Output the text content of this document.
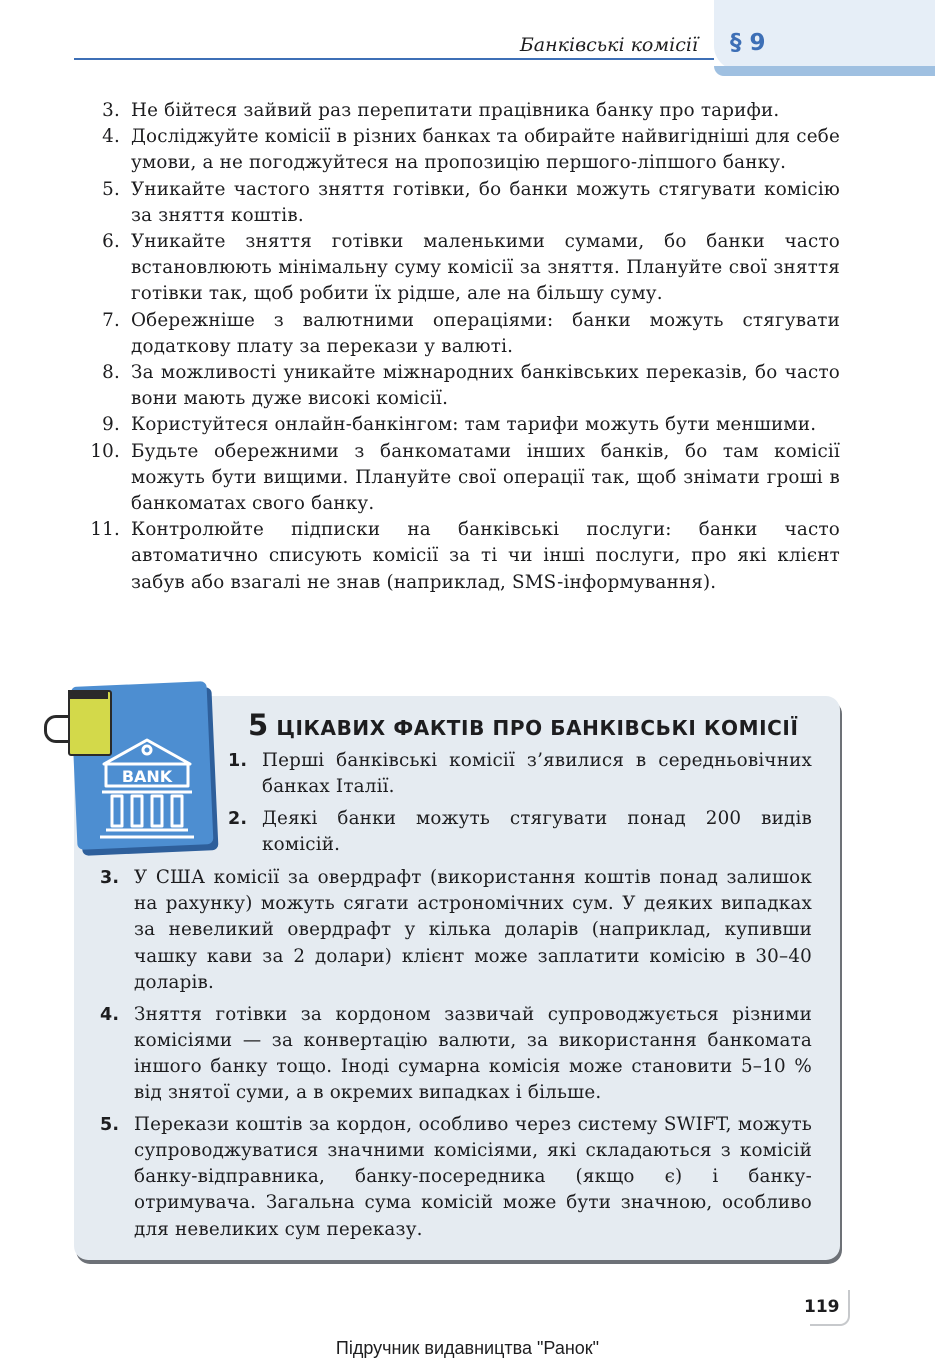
Банківські комісії § 9
3. Не бійтеся зайвий раз перепитати працівника банку про тарифи.
4. Досліджуйте комісії в різних банках та обирайте найвигідніші для себе умови, а не погоджуйтеся на пропозицію першого-ліпшого банку.
5. Уникайте частого зняття готівки, бо банки можуть стягувати комісію за зняття коштів.
6. Уникайте зняття готівки маленькими сумами, бо банки часто встановлюють мінімальну суму комісії за зняття. Плануйте свої зняття готівки так, щоб робити їх рідше, але на більшу суму.
7. Обережніше з валютними операціями: банки можуть стягувати додаткову плату за перекази у валюті.
8. За можливості уникайте міжнародних банківських переказів, бо часто вони мають дуже високі комісії.
9. Користуйтеся онлайн-банкінгом: там тарифи можуть бути меншими.
10. Будьте обережними з банкоматами інших банків, бо там комісії можуть бути вищими. Плануйте свої операції так, щоб знімати гроші в банкоматах свого банку.
11. Контролюйте підписки на банківські послуги: банки часто автоматично списують комісії за ті чи інші послуги, про які клієнт забув або взагалі не знав (наприклад, SMS-інформування).
BANK
5 ЦІКАВИХ ФАКТІВ ПРО БАНКІВСЬКІ КОМІСІЇ
1. Перші банківські комісії з’явилися в середньовічних банках Італії.
2. Деякі банки можуть стягувати понад 200 видів комісій.
3. У США комісії за овердрафт (використання коштів понад залишок на рахунку) можуть сягати астрономічних сум. У деяких випадках за невеликий овердрафт у кілька доларів (наприклад, купивши чашку кави за 2 долари) клієнт може заплатити комісію в 30–40 доларів.
4. Зняття готівки за кордоном зазвичай супроводжується різними комісіями — за конвертацію валюти, за використання банкомата іншого банку тощо. Іноді сумарна комісія може становити 5–10 % від знятої суми, а в окремих випадках і більше.
5. Перекази коштів за кордон, особливо через систему SWIFT, можуть супроводжуватися значними комісіями, які складаються з комісій банку-відправника, банку-посередника (якщо є) і банку-отримувача. Загальна сума комісій може бути значною, особливо для невеликих сум переказу.
119
Підручник видавництва "Ранок"
